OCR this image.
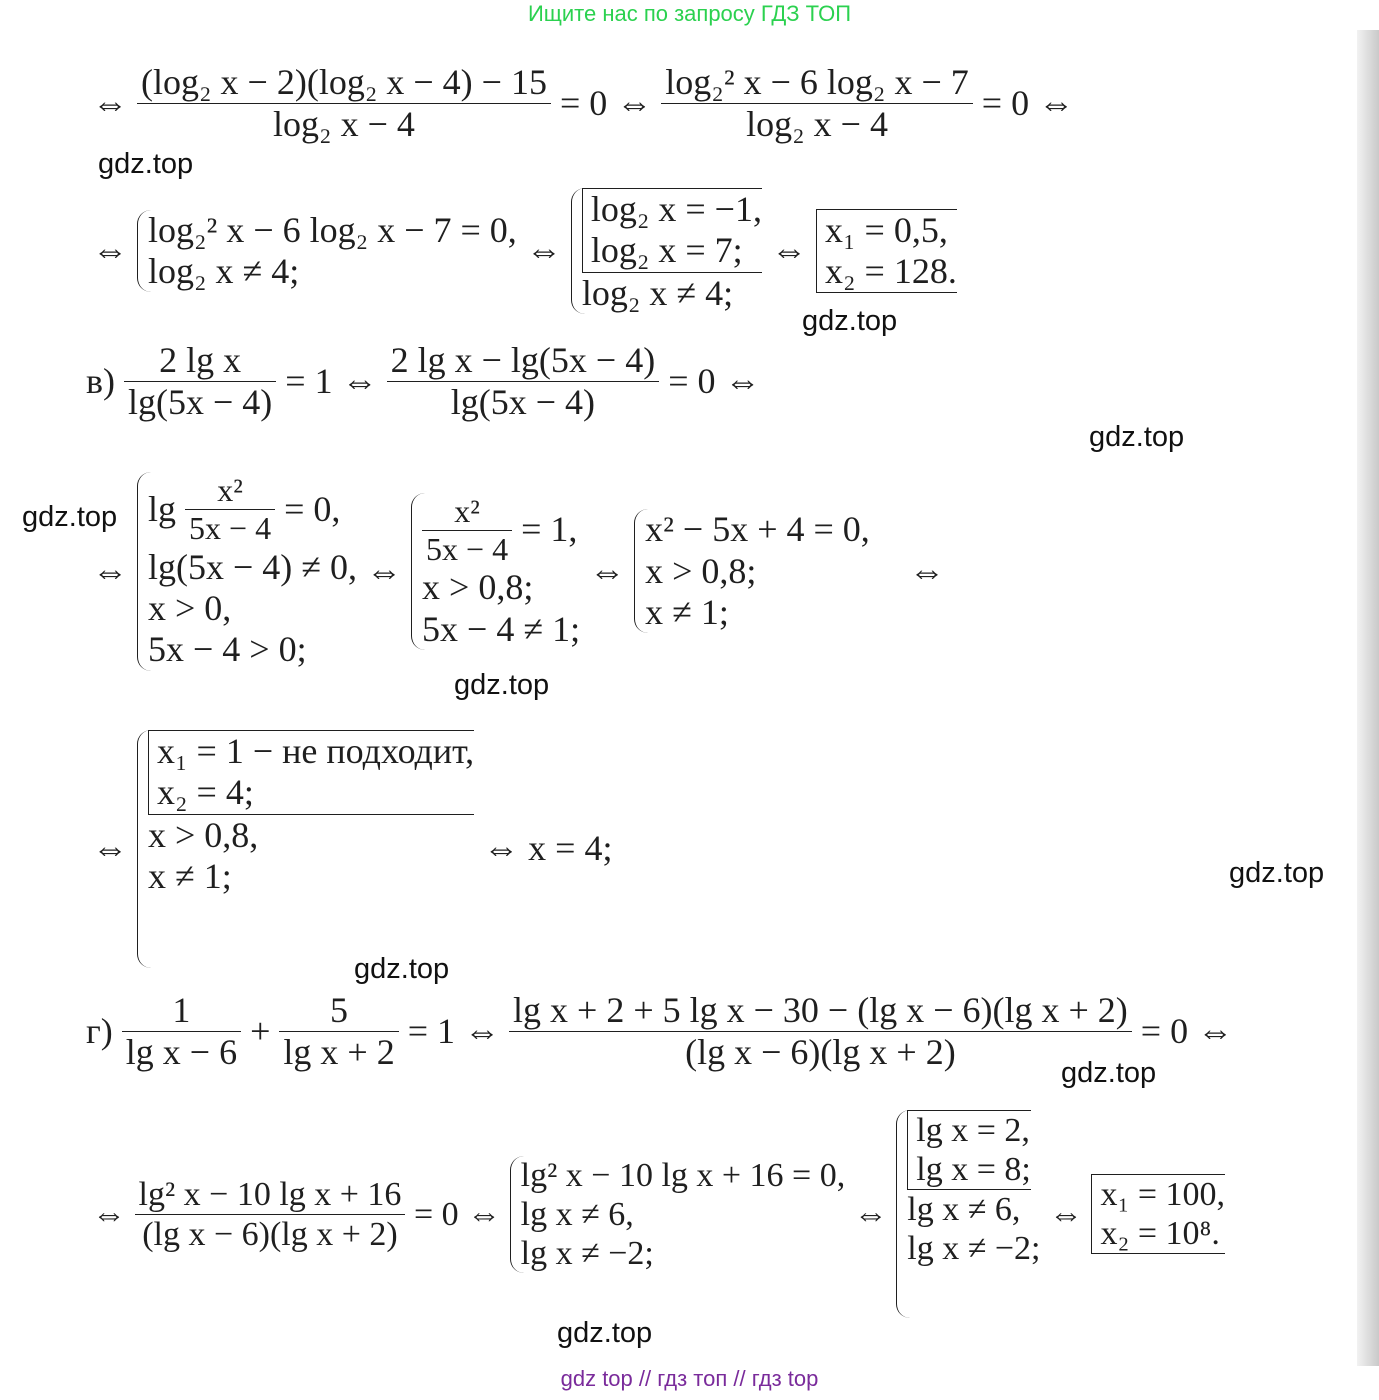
Ищите нас по запросу ГДЗ ТОП
⇔ $\frac{\text{(log₂ x − 2)(log₂ x − 4) − 15}}{\text{log₂ x − 4}} = 0$ ⇔ $\frac{\text{log₂² x − 6 log₂ x − 7}}{\text{log₂ x − 4}} = 0$ ⇔
gdz.top
⇔
log₂² x − 6 log₂ x − 7 = 0,
log₂ x ≠ 4;
⇔ log₂ x = −1,
log₂ x = 7;
log₂ x ≠ 4; ⇔
x₁ = 0,5,
x₂ = 128.
gdz.top
$в) \frac{\text{2 lg x}}{\lg(5x - 4)} = 1$ ⇔ $\frac{\text{2 lg x − lg(5x − 4)}}{\lg(5x - 4)} = 0$ ⇔
gdz.top
gdz.top
⇔
$\lg \frac{\text{x²}}{5x - 4} = 0$,
lg(5x − 4) ≠ 0,
x > 0,
5x − 4 > 0;
⇔
$\frac{\text{x²}}{5x - 4} = 1$,
x > 0,8;
5x − 4 ≠ 1;
⇔
x² − 5x + 4 = 0,
x > 0,8;
x ≠ 1;
⇔
gdz.top
⇔
x₁ = 1 − не подходит,
x₂ = 4;
x > 0,8,
x ≠ 1;
⇔ x = 4;
gdz.top
gdz.top
$г) \frac{1}{\text{lg x − 6}} + \frac{5}{\text{lg x + 2}} = 1$ ⇔ $\frac{\text{lg x + 2 + 5 lg x − 30 − (lg x − 6)(lg x + 2)}}{\text{(lg x − 6)(lg x + 2)}} = 0$ ⇔
gdz.top
⇔ $\frac{\text{lg² x − 10 lg x + 16}}{\text{(lg x − 6)(lg x + 2)}} = 0$ ⇔
lg² x − 10 lg x + 16 = 0,
lg x ≠ 6,
lg x ≠ −2;
⇔
lg x = 2,
lg x = 8;
lg x ≠ 6,
lg x ≠ −2;
⇔
x₁ = 100,
x₂ = 10⁸.
gdz.top
gdz top // гдз топ // гдз top
